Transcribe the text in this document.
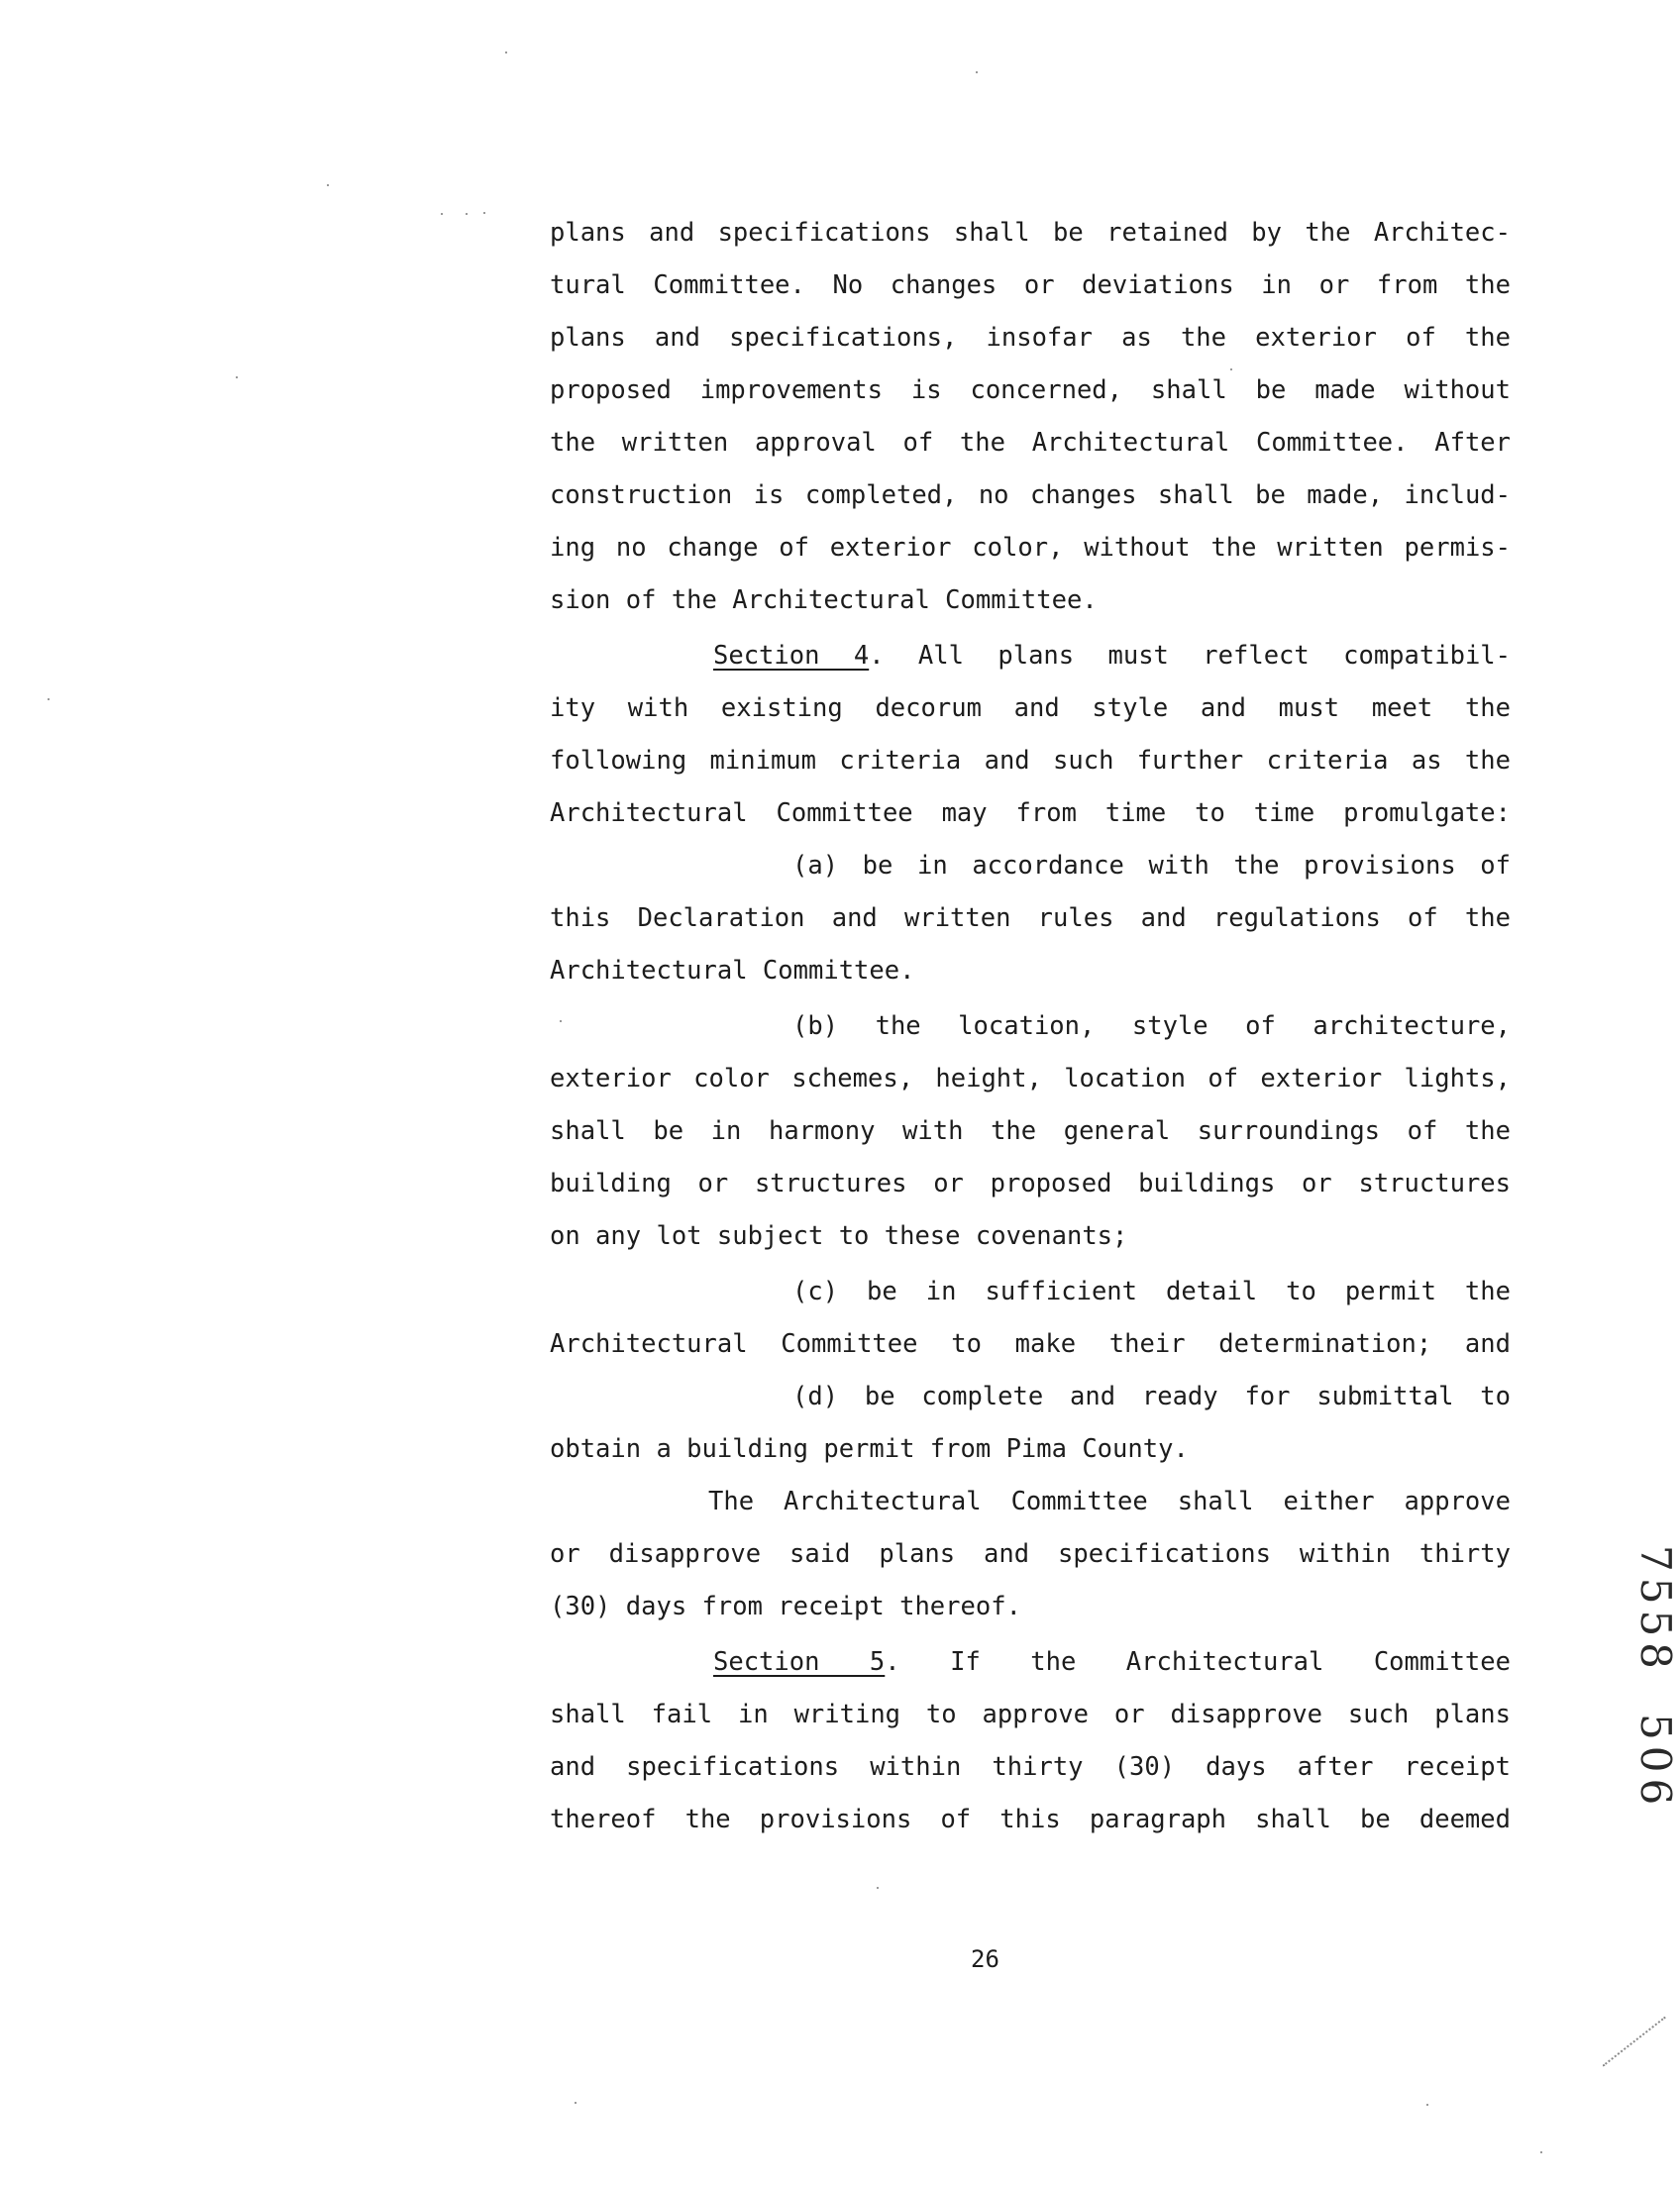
plans and specifications shall be retained by the Architec-
tural Committee. No changes or deviations in or from the
plans and specifications, insofar as the exterior of the
proposed improvements is concerned, shall be made without
the written approval of the Architectural Committee. After
construction is completed, no changes shall be made, includ-
ing no change of exterior color, without the written permis-
sion of the Architectural Committee.
Section 4. All plans must reflect compatibil-
ity with existing decorum and style and must meet the
following minimum criteria and such further criteria as the
Architectural Committee may from time to time promulgate:
(a) be in accordance with the provisions of
this Declaration and written rules and regulations of the
Architectural Committee.
(b) the location, style of architecture,
exterior color schemes, height, location of exterior lights,
shall be in harmony with the general surroundings of the
building or structures or proposed buildings or structures
on any lot subject to these covenants;
(c) be in sufficient detail to permit the
Architectural Committee to make their determination; and
(d) be complete and ready for submittal to
obtain a building permit from Pima County.
The Architectural Committee shall either approve
or disapprove said plans and specifications within thirty
(30) days from receipt thereof.
Section 5. If the Architectural Committee
shall fail in writing to approve or disapprove such plans
and specifications within thirty (30) days after receipt
thereof the provisions of this paragraph shall be deemed
26
7558
506
